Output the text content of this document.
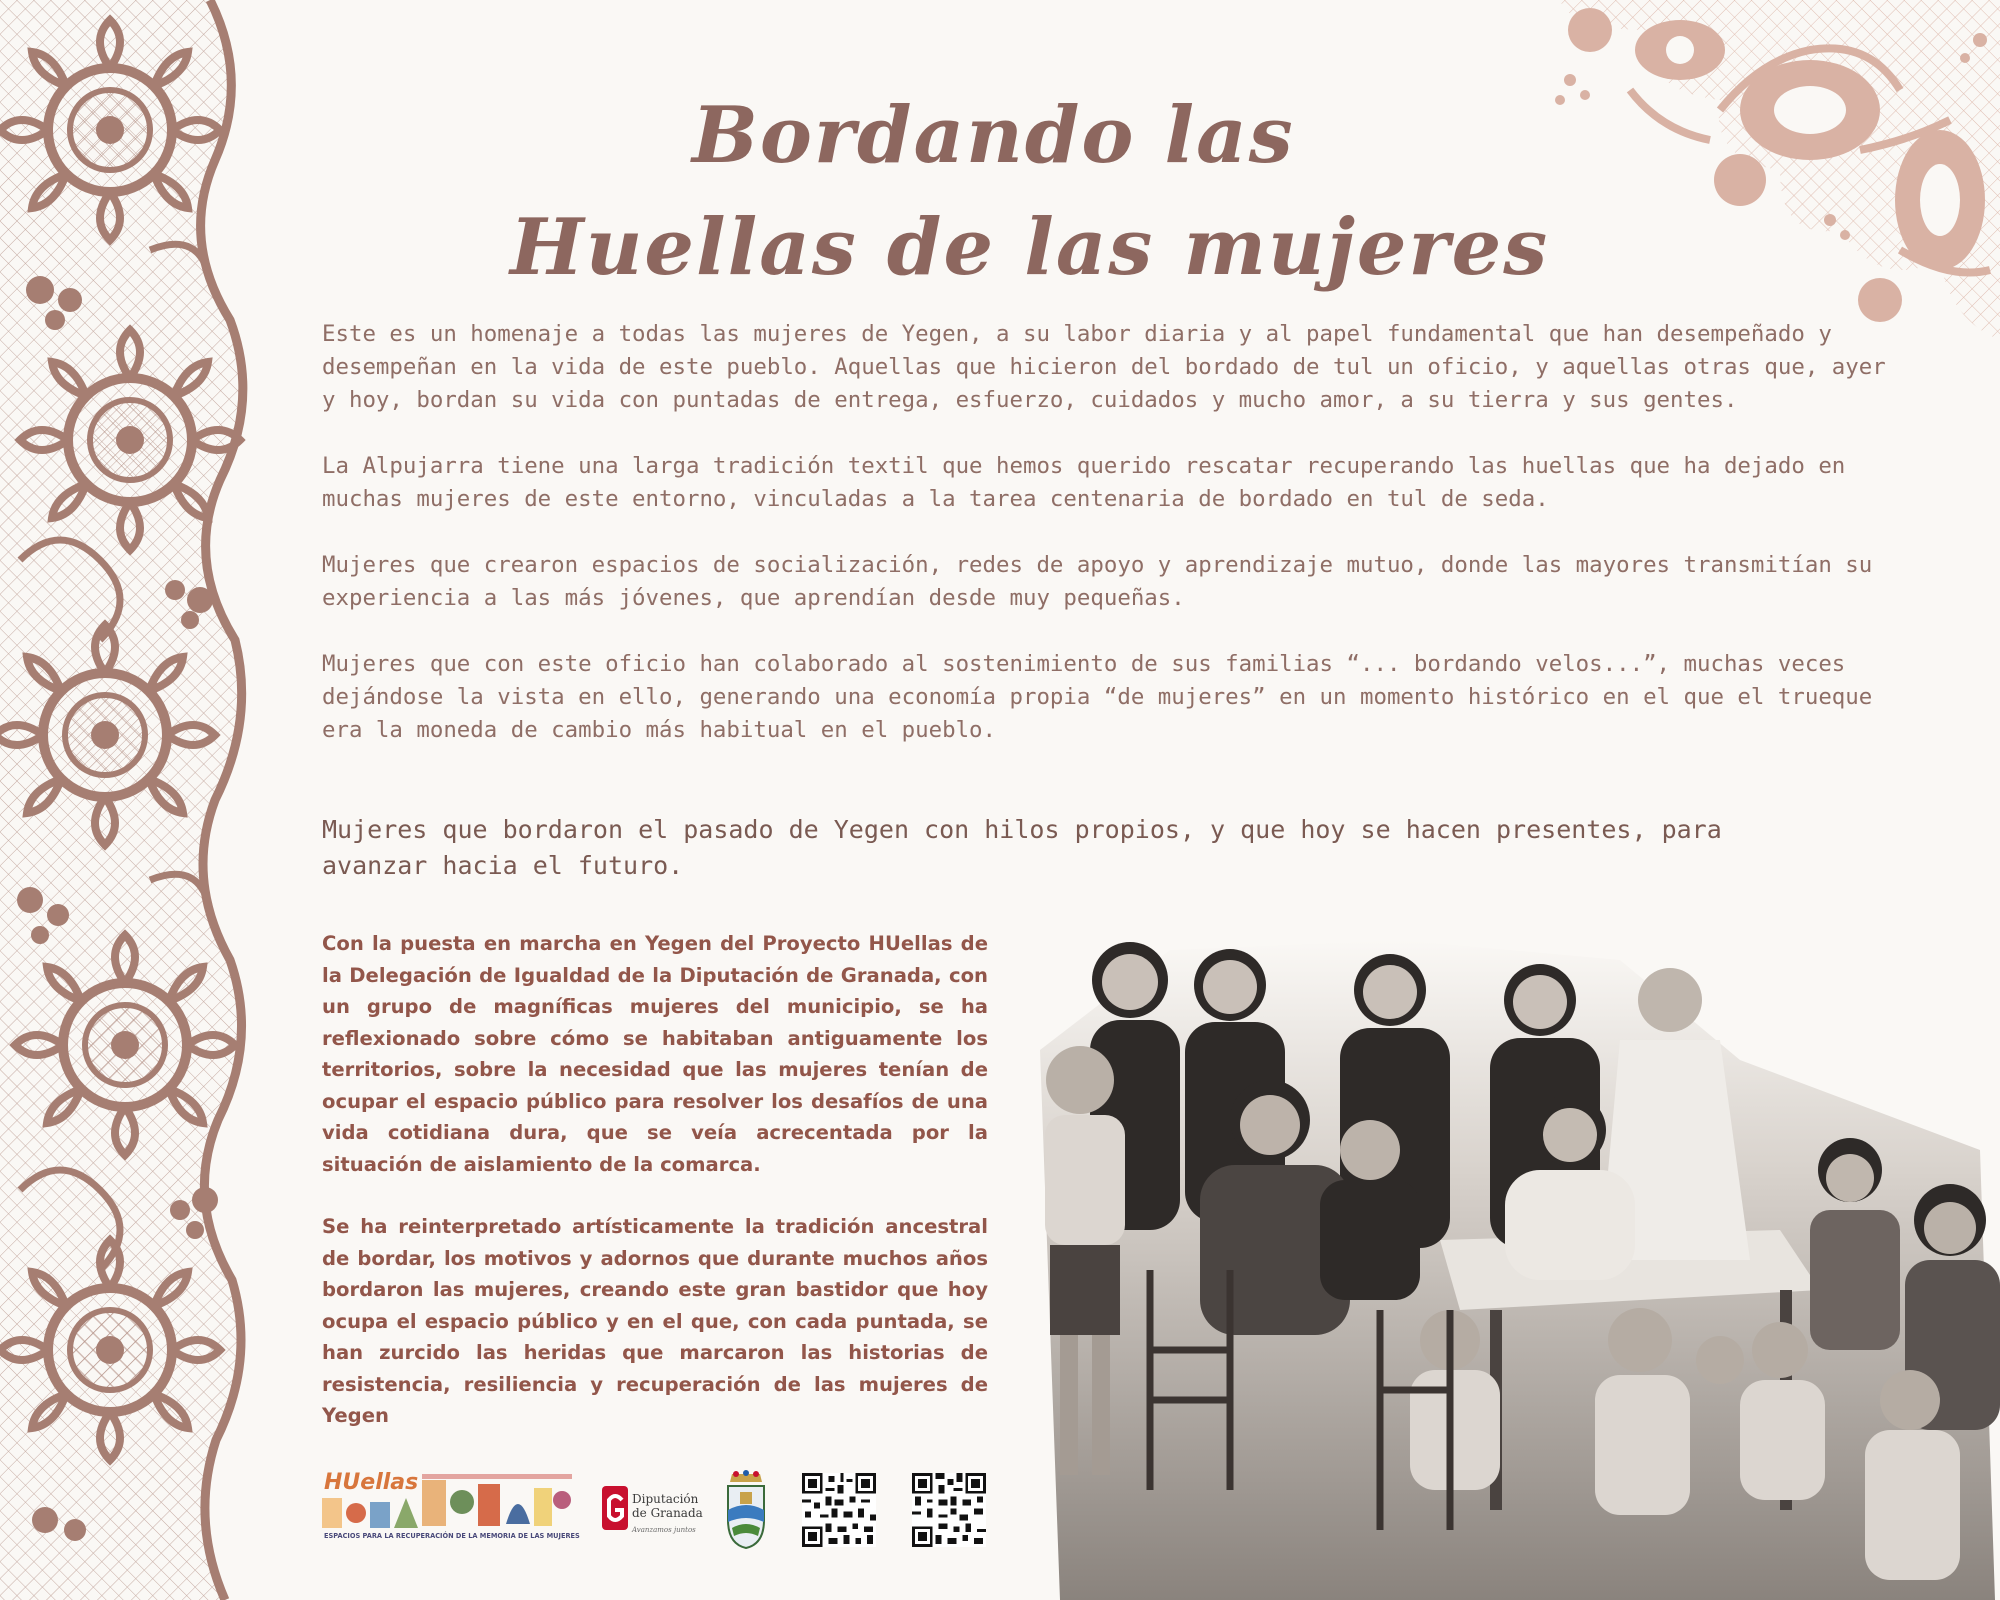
Bordando las
Huellas de las mujeres

Este es un homenaje a todas las mujeres de Yegen, a su labor diaria y al papel fundamental que han desempeñado y desempeñan en la vida de este pueblo. Aquellas que hicieron del bordado de tul un oficio, y aquellas otras que, ayer y hoy, bordan su vida con puntadas de entrega, esfuerzo, cuidados y mucho amor, a su tierra y sus gentes.

La Alpujarra tiene una larga tradición textil que hemos querido rescatar recuperando las huellas que ha dejado en muchas mujeres de este entorno, vinculadas a la tarea centenaria de bordado en tul de seda.

Mujeres que crearon espacios de socialización, redes de apoyo y aprendizaje mutuo, donde las mayores transmitían su experiencia a las más jóvenes, que aprendían desde muy pequeñas.

Mujeres que con este oficio han colaborado al sostenimiento de sus familias “... bordando velos...”, muchas veces dejándose la vista en ello, generando una economía propia “de mujeres” en un momento histórico en el que el trueque era la moneda de cambio más habitual en el pueblo.

Mujeres que bordaron el pasado de Yegen con hilos propios, y que hoy se hacen presentes, para avanzar hacia el futuro.

Con la puesta en marcha en Yegen del Proyecto HUellas de la Delegación de Igualdad de la Diputación de Granada, con un grupo de magníficas mujeres del municipio, se ha reflexionado sobre cómo se habitaban antiguamente los territorios, sobre la necesidad que las mujeres tenían de ocupar el espacio público para resolver los desafíos de una vida cotidiana dura, que se veía acrecentada por la situación de aislamiento de la comarca.

Se ha reinterpretado artísticamente la tradición ancestral de bordar, los motivos y adornos que durante muchos años bordaron las mujeres, creando este gran bastidor que hoy ocupa el espacio público y en el que, con cada puntada, se han zurcido las heridas que marcaron las historias de resistencia, resiliencia y recuperación de las mujeres de Yegen

HUellas
ESPACIOS PARA LA RECUPERACIÓN DE LA MEMORIA DE LAS MUJERES
Diputación
de Granada
Avanzamos juntos
